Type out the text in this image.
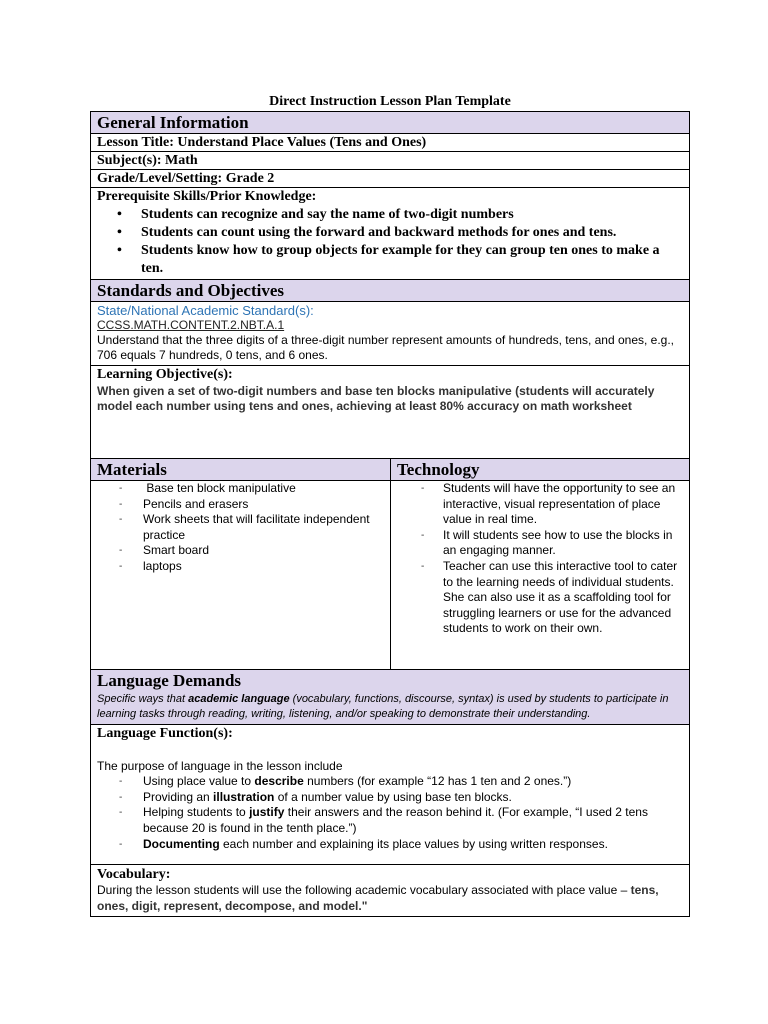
Direct Instruction Lesson Plan Template
General Information
Lesson Title: Understand Place Values (Tens and Ones)
Subject(s): Math
Grade/Level/Setting: Grade 2
Prerequisite Skills/Prior Knowledge:
• Students can recognize and say the name of two-digit numbers
• Students can count using the forward and backward methods for ones and tens.
• Students know how to group objects for example for they can group ten ones to make a ten.
Standards and Objectives
State/National Academic Standard(s):
CCSS.MATH.CONTENT.2.NBT.A.1
Understand that the three digits of a three-digit number represent amounts of hundreds, tens, and ones, e.g., 706 equals 7 hundreds, 0 tens, and 6 ones.
Learning Objective(s):
When given a set of two-digit numbers and base ten blocks manipulative (students will accurately model each number using tens and ones, achieving at least 80% accuracy on math worksheet
Materials
- Base ten block manipulative
- Pencils and erasers
- Work sheets that will facilitate independent practice
- Smart board
- laptops
Technology
- Students will have the opportunity to see an interactive, visual representation of place value in real time.
- It will students see how to use the blocks in an engaging manner.
- Teacher can use this interactive tool to cater to the learning needs of individual students. She can also use it as a scaffolding tool for struggling learners or use for the advanced students to work on their own.
Language Demands
Specific ways that academic language (vocabulary, functions, discourse, syntax) is used by students to participate in learning tasks through reading, writing, listening, and/or speaking to demonstrate their understanding.
Language Function(s):
The purpose of language in the lesson include
- Using place value to describe numbers (for example “12 has 1 ten and 2 ones.”)
- Providing an illustration of a number value by using base ten blocks.
- Helping students to justify their answers and the reason behind it. (For example, “I used 2 tens because 20 is found in the tenth place.”)
- Documenting each number and explaining its place values by using written responses.
Vocabulary:
During the lesson students will use the following academic vocabulary associated with place value – tens, ones, digit, represent, decompose, and model."
